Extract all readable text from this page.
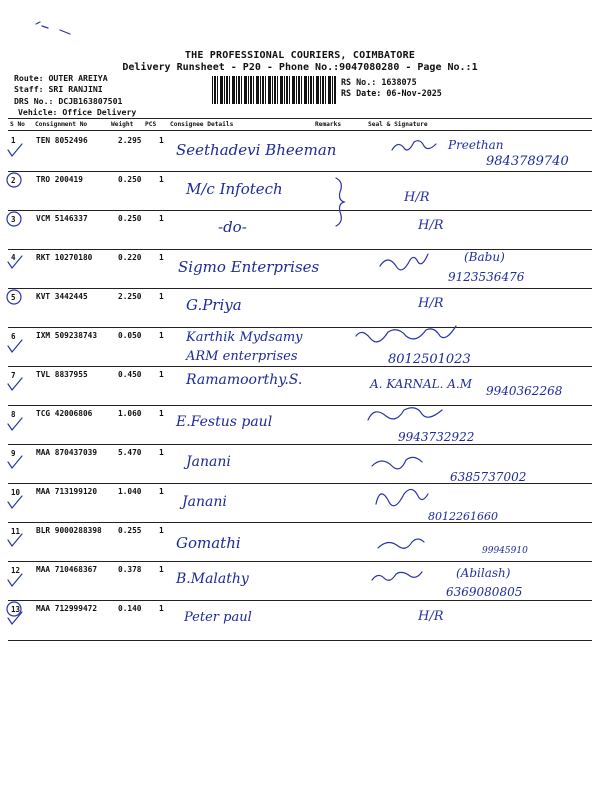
THE PROFESSIONAL COURIERS, COIMBATORE
Delivery Runsheet - P20 - Phone No.:9047080280 - Page No.:1
Route: OUTER AREIYA
Staff: SRI RANJINI
DRS No.: DCJB163807501
Vehicle: Office Delivery
RS No.: 1638075
RS Date: 06-Nov-2025
S No Consignment No	Weight PCS Consignee Details	Remarks	Seal & Signature
1	TEN 8052496	2.295	1
Seethadevi Bheeman	Preethan
9843789740
2	TRO 200419	0.250	1
M/c Infotech	H/R
3	VCM 5146337	0.250	1	-do-	H/R
4	RKT 10270180	0.220	1
Sigmo Enterprises
(Babu)
9123536476
5	KVT 3442445	2.250	1 G.Priya	H/R
6	IXM 509238743	0.050	1 Karthik Mydsamy
ARM enterprises	8012501023
7	TVL 8837955	0.450	1 Ramamoorthy.S.	A. KARNAL. A.M 9940362268
8	TCG 42006806	1.060	1
E.Festus paul
9943732922
9	MAA 870437039	5.470	1
Janani
6385737002
10 MAA 713199120	1.040	1
Janani
8012261660
11 BLR 9000288398 0.255	1
Gomathi	99945910
12 MAA 710468367	0.378	1
B.Malathy	(Abilash)
6369080805
13 MAA 712999472	0.140	1
Peter paul	H/R
